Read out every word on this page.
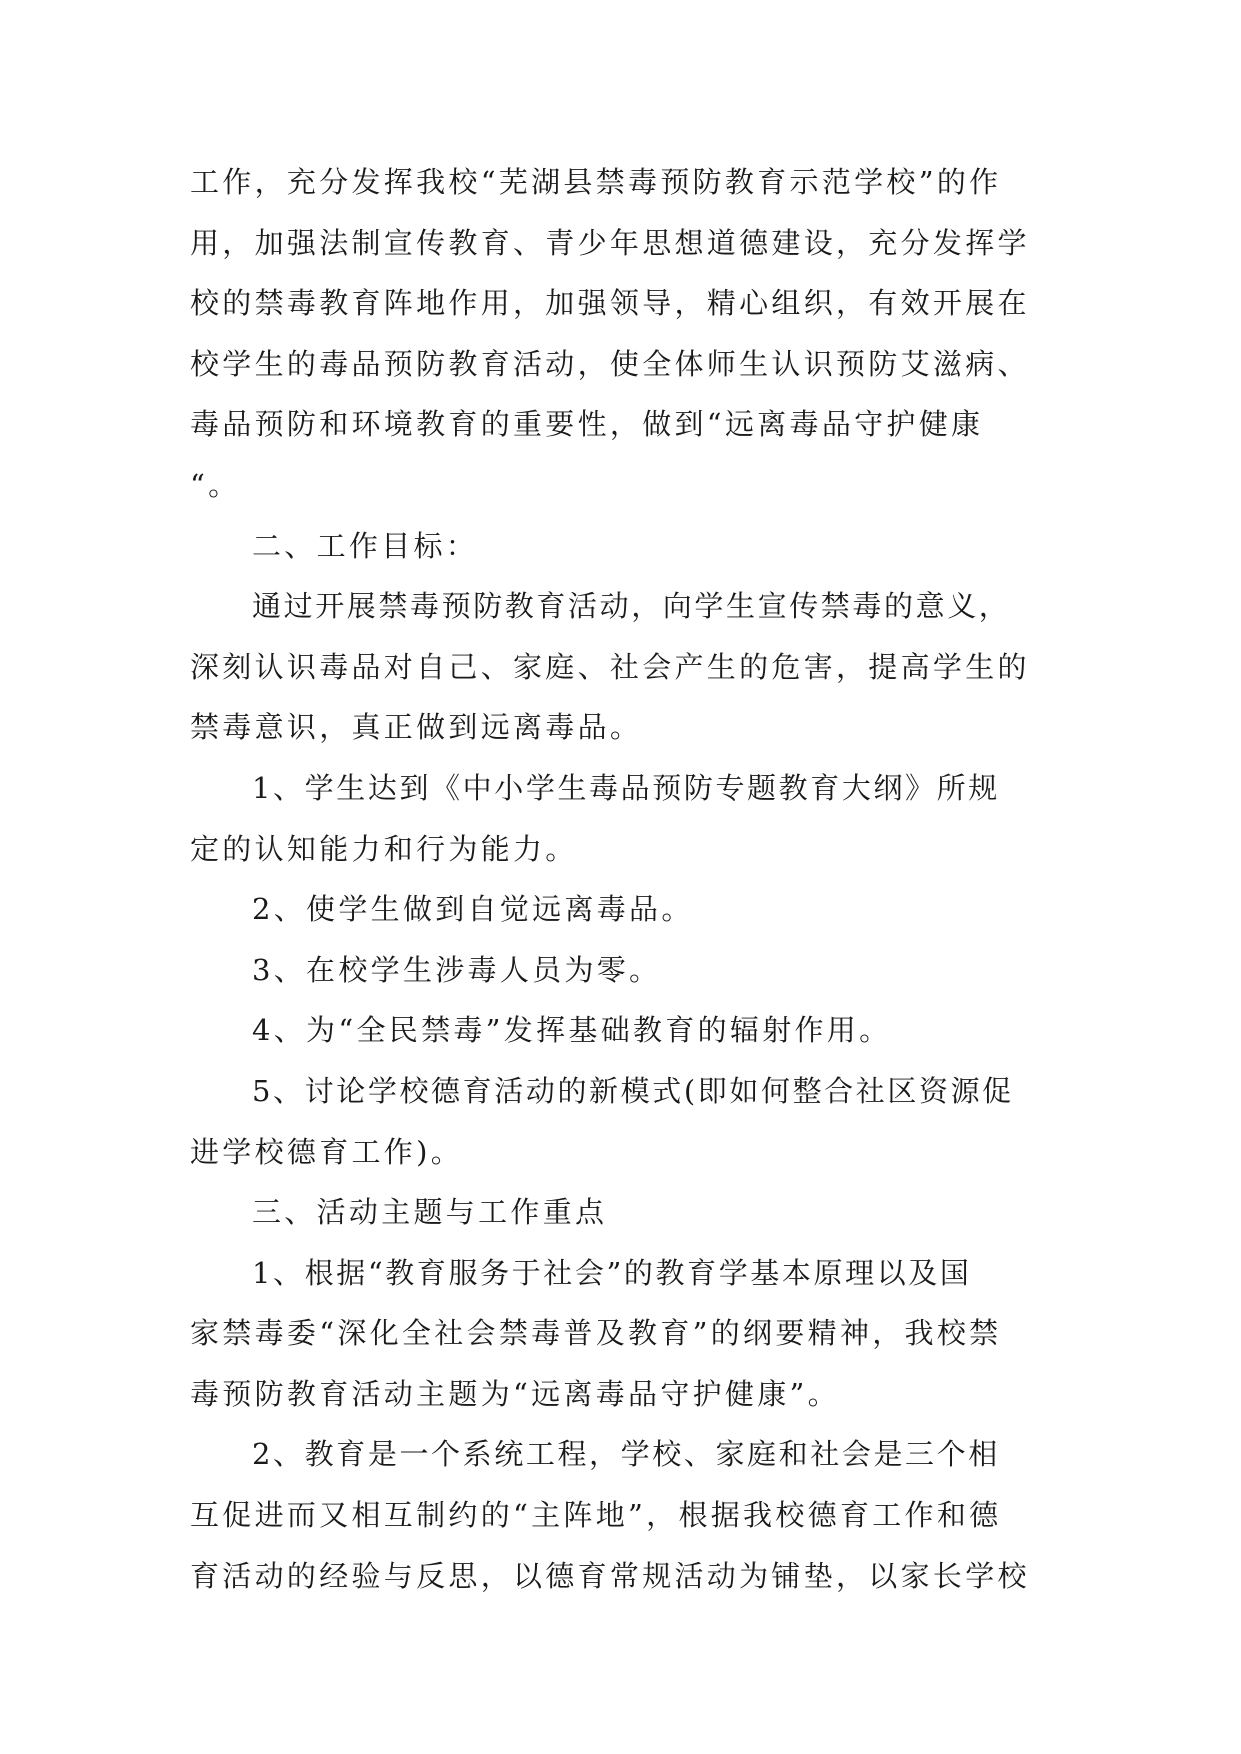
工作，充分发挥我校“芜湖县禁毒预防教育示范学校”的作
用，加强法制宣传教育、青少年思想道德建设，充分发挥学
校的禁毒教育阵地作用，加强领导，精心组织，有效开展在
校学生的毒品预防教育活动，使全体师生认识预防艾滋病、
毒品预防和环境教育的重要性，做到“远离毒品守护健康
“。
二、工作目标：
通过开展禁毒预防教育活动，向学生宣传禁毒的意义，
深刻认识毒品对自己、家庭、社会产生的危害，提高学生的
禁毒意识，真正做到远离毒品。
1、学生达到《中小学生毒品预防专题教育大纲》所规
定的认知能力和行为能力。
2、使学生做到自觉远离毒品。
3、在校学生涉毒人员为零。
4、为“全民禁毒”发挥基础教育的辐射作用。
5、讨论学校德育活动的新模式(即如何整合社区资源促
进学校德育工作)。
三、活动主题与工作重点
1、根据“教育服务于社会”的教育学基本原理以及国
家禁毒委“深化全社会禁毒普及教育”的纲要精神，我校禁
毒预防教育活动主题为“远离毒品守护健康”。
2、教育是一个系统工程，学校、家庭和社会是三个相
互促进而又相互制约的“主阵地”，根据我校德育工作和德
育活动的经验与反思，以德育常规活动为铺垫，以家长学校
